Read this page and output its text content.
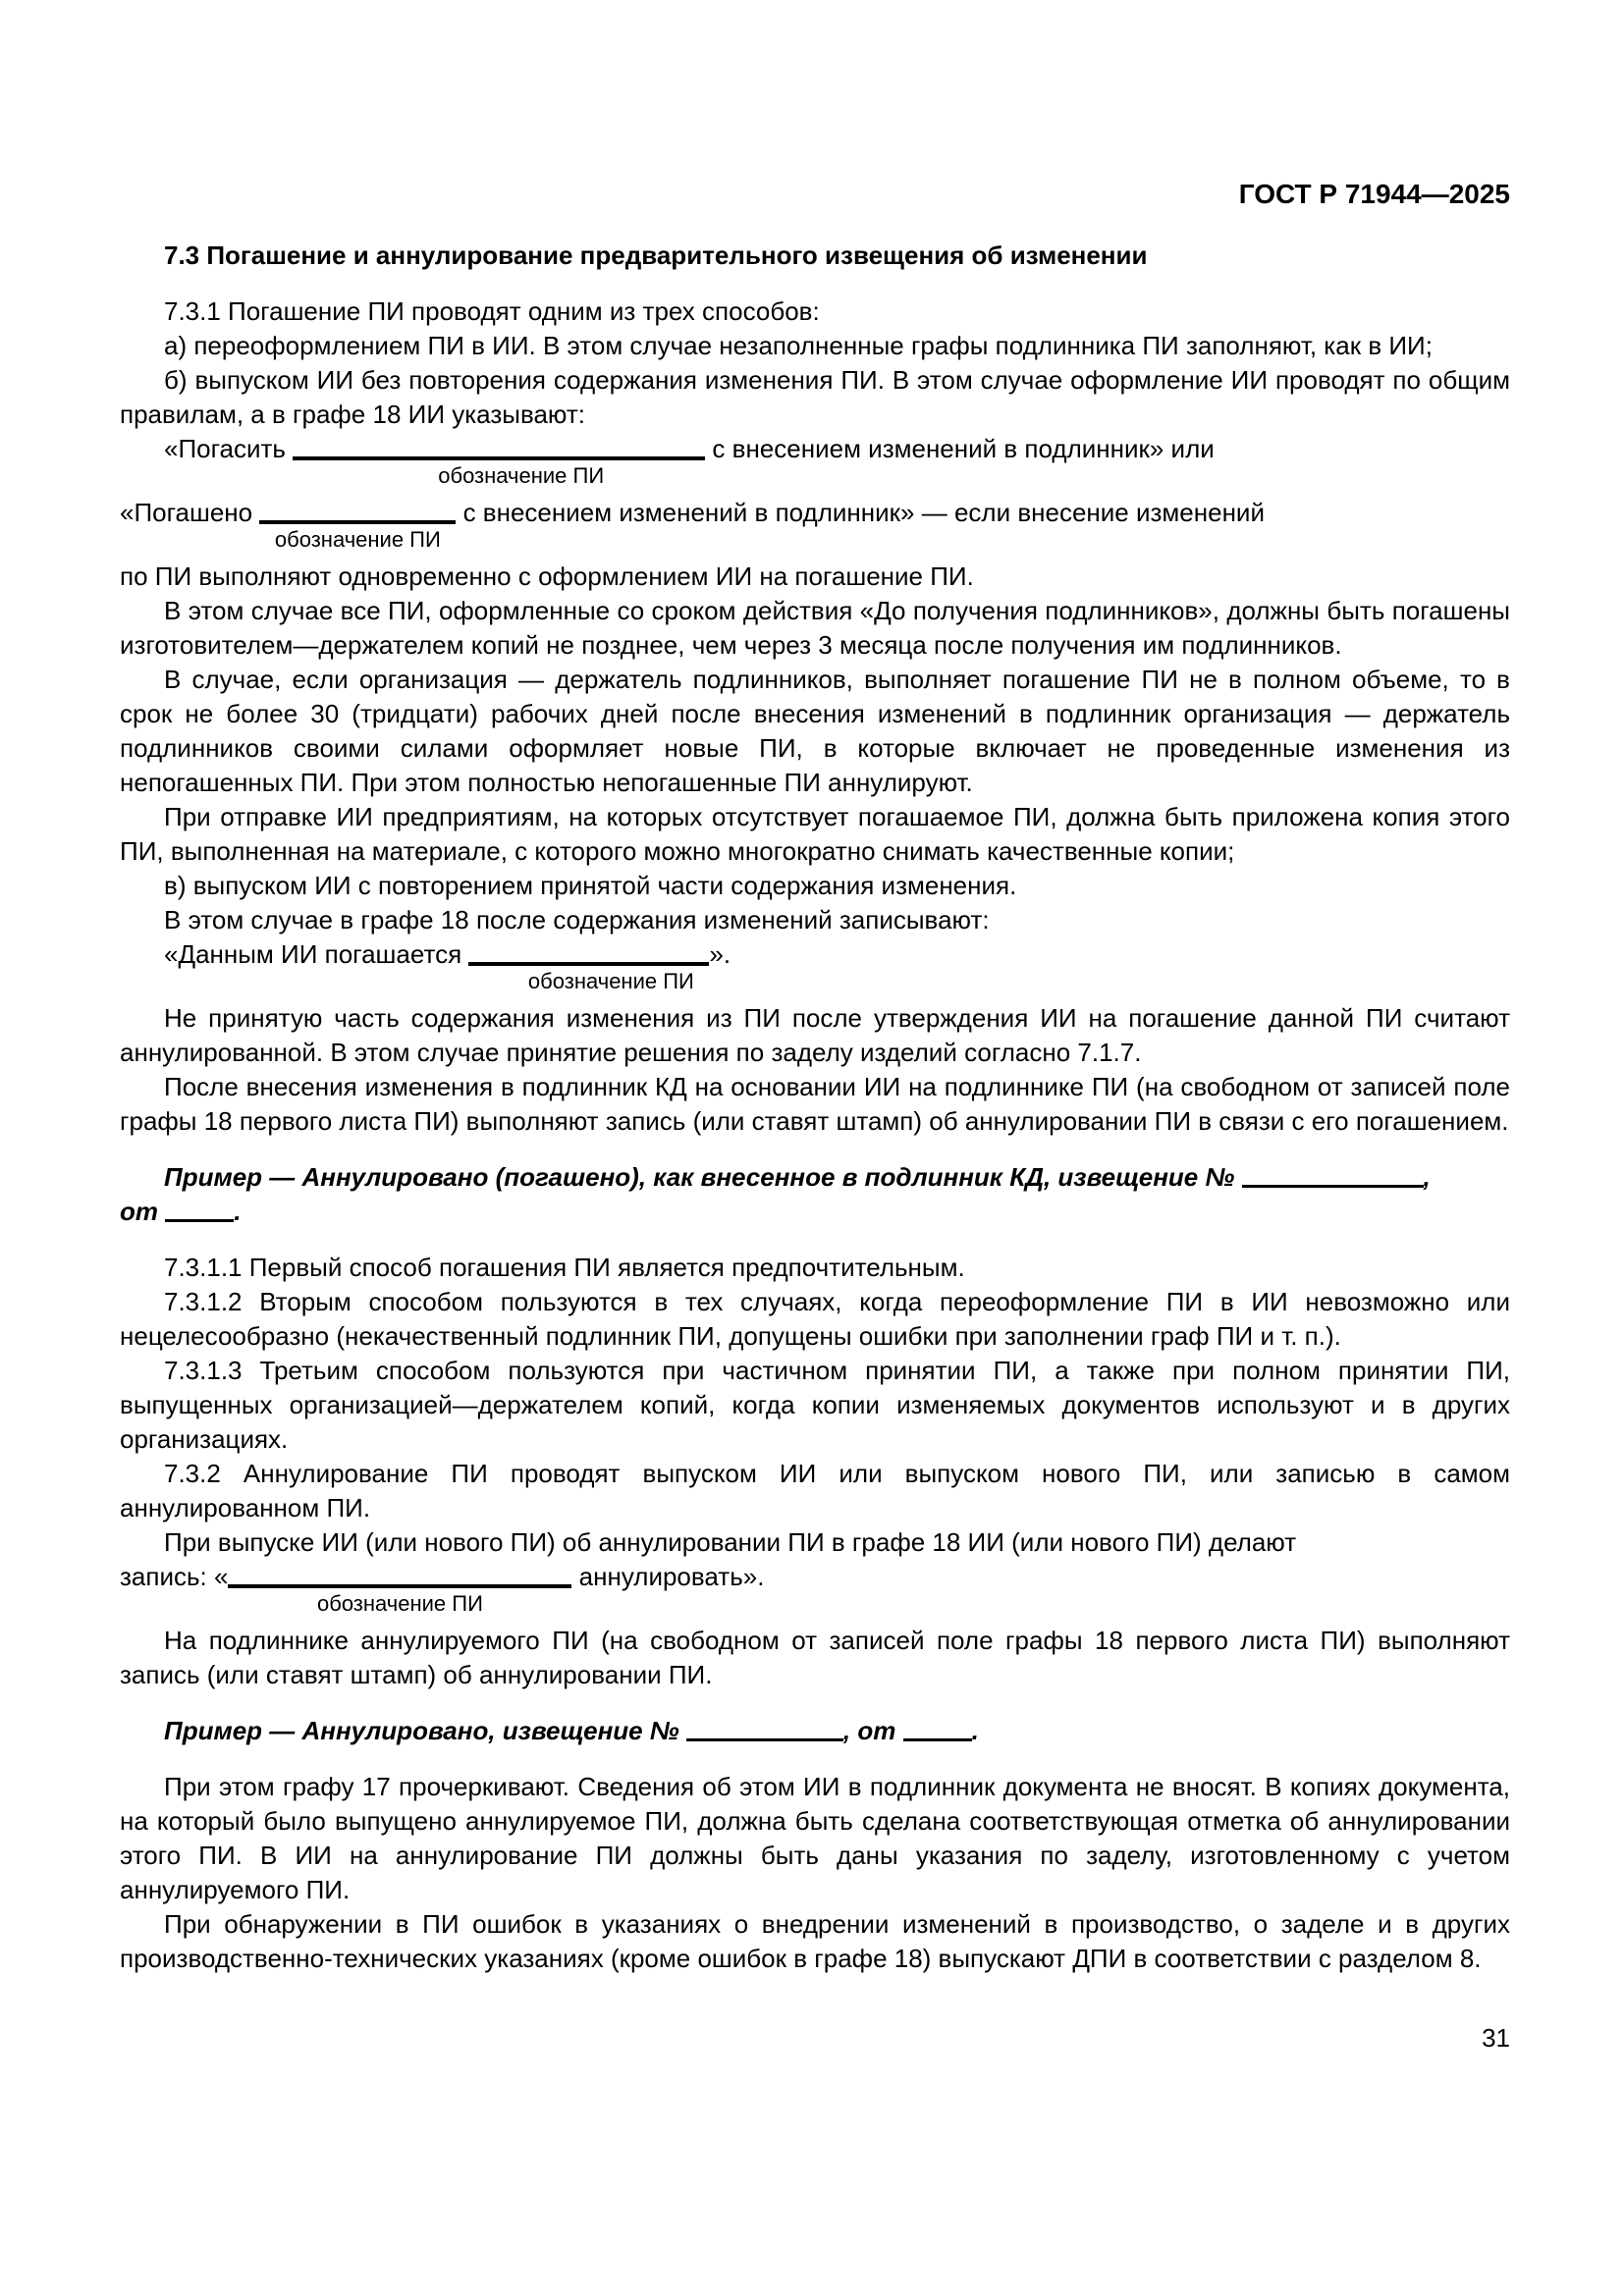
ГОСТ Р 71944—2025
7.3 Погашение и аннулирование предварительного извещения об изменении

7.3.1 Погашение ПИ проводят одним из трех способов:

а) переоформлением ПИ в ИИ. В этом случае незаполненные графы подлинника ПИ заполняют, как в ИИ;

б) выпуском ИИ без повторения содержания изменения ПИ. В этом случае оформление ИИ проводят по общим правилам, а в графе 18 ИИ указывают:

«Погасить
обозначение ПИ
с внесением изменений в подлинник» или

«Погашено
обозначение ПИ
с внесением изменений в подлинник» — если внесение изменений

по ПИ выполняют одновременно с оформлением ИИ на погашение ПИ.

В этом случае все ПИ, оформленные со сроком действия «До получения подлинников», должны быть погашены изготовителем—держателем копий не позднее, чем через 3 месяца после получения им подлинников.

В случае, если организация — держатель подлинников, выполняет погашение ПИ не в полном объеме, то в срок не более 30 (тридцати) рабочих дней после внесения изменений в подлинник организация — держатель подлинников своими силами оформляет новые ПИ, в которые включает не проведенные изменения из непогашенных ПИ. При этом полностью непогашенные ПИ аннулируют.

При отправке ИИ предприятиям, на которых отсутствует погашаемое ПИ, должна быть приложена копия этого ПИ, выполненная на материале, с которого можно многократно снимать качественные копии;

в) выпуском ИИ с повторением принятой части содержания изменения.

В этом случае в графе 18 после содержания изменений записывают:

«Данным ИИ погашается
обозначение ПИ
».

Не принятую часть содержания изменения из ПИ после утверждения ИИ на погашение данной ПИ считают аннулированной. В этом случае принятие решения по заделу изделий согласно 7.1.7.

После внесения изменения в подлинник КД на основании ИИ на подлиннике ПИ (на свободном от записей поле графы 18 первого листа ПИ) выполняют запись (или ставят штамп) об аннулировании ПИ в связи с его погашением.

Пример — Аннулировано (погашено), как внесенное в подлинник КД, извещение №	,
от	.

7.3.1.1 Первый способ погашения ПИ является предпочтительным.

7.3.1.2 Вторым способом пользуются в тех случаях, когда переоформление ПИ в ИИ невозможно или нецелесообразно (некачественный подлинник ПИ, допущены ошибки при заполнении граф ПИ и т. п.).

7.3.1.3 Третьим способом пользуются при частичном принятии ПИ, а также при полном принятии ПИ, выпущенных организацией—держателем копий, когда копии изменяемых документов используют и в других организациях.

7.3.2 Аннулирование ПИ проводят выпуском ИИ или выпуском нового ПИ, или записью в самом аннулированном ПИ.

При выпуске ИИ (или нового ПИ) об аннулировании ПИ в графе 18 ИИ (или нового ПИ) делают

запись: «
обозначение ПИ
аннулировать».

На подлиннике аннулируемого ПИ (на свободном от записей поле графы 18 первого листа ПИ) выполняют запись (или ставят штамп) об аннулировании ПИ.

Пример — Аннулировано, извещение №	, от	.

При этом графу 17 прочеркивают. Сведения об этом ИИ в подлинник документа не вносят. В копиях документа, на который было выпущено аннулируемое ПИ, должна быть сделана соответствующая отметка об аннулировании этого ПИ. В ИИ на аннулирование ПИ должны быть даны указания по заделу, изготовленному с учетом аннулируемого ПИ.

При обнаружении в ПИ ошибок в указаниях о внедрении изменений в производство, о заделе и в других производственно-технических указаниях (кроме ошибок в графе 18) выпускают ДПИ в соответствии с разделом 8.

31
